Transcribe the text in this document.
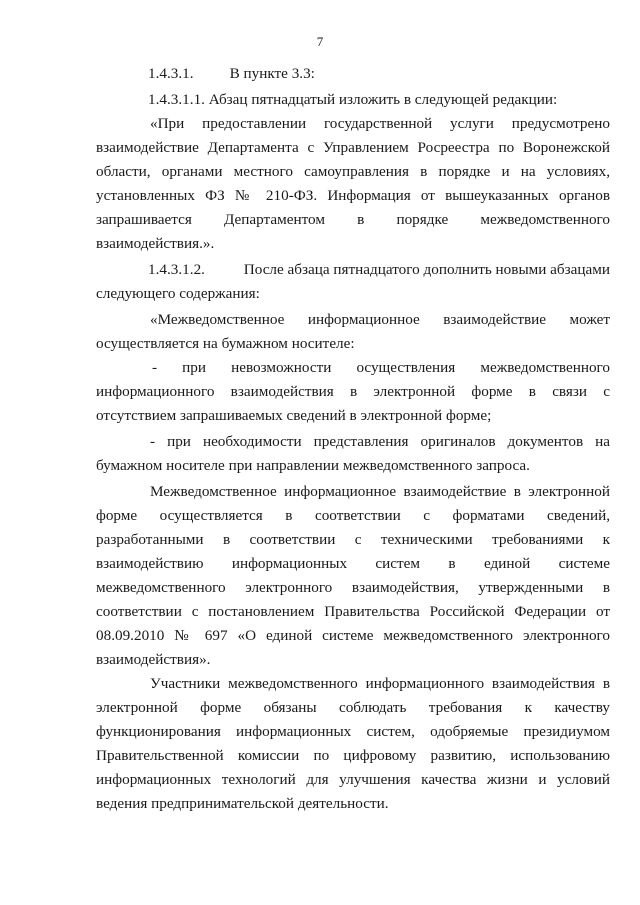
7
1.4.3.1. В пункте 3.3:
1.4.3.1.1. Абзац пятнадцатый изложить в следующей редакции:
«При предоставлении государственной услуги предусмотрено
взаимодействие Департамента с Управлением Росреестра по Воронежской
области, органами местного самоуправления в порядке и на условиях,
установленных ФЗ № 210-ФЗ. Информация от вышеуказанных органов
запрашивается Департаментом в порядке межведомственного
взаимодействия.».
1.4.3.1.2.	После абзаца пятнадцатого дополнить новыми абзацами
следующего содержания:
«Межведомственное информационное взаимодействие может
осуществляется на бумажном носителе:
- при невозможности осуществления межведомственного
информационного взаимодействия в электронной форме в связи с
отсутствием запрашиваемых сведений в электронной форме;
- при необходимости представления оригиналов документов на
бумажном носителе при направлении межведомственного запроса.
Межведомственное информационное взаимодействие в электронной
форме осуществляется в соответствии с форматами сведений,
разработанными в соответствии с техническими требованиями к
взаимодействию информационных систем в единой системе
межведомственного электронного взаимодействия, утвержденными в
соответствии с постановлением Правительства Российской Федерации от
08.09.2010 № 697 «О единой системе межведомственного электронного
взаимодействия».
Участники межведомственного информационного взаимодействия в
электронной форме обязаны соблюдать требования к качеству
функционирования информационных систем, одобряемые президиумом
Правительственной комиссии по цифровому развитию, использованию
информационных технологий для улучшения качества жизни и условий
ведения предпринимательской деятельности.
